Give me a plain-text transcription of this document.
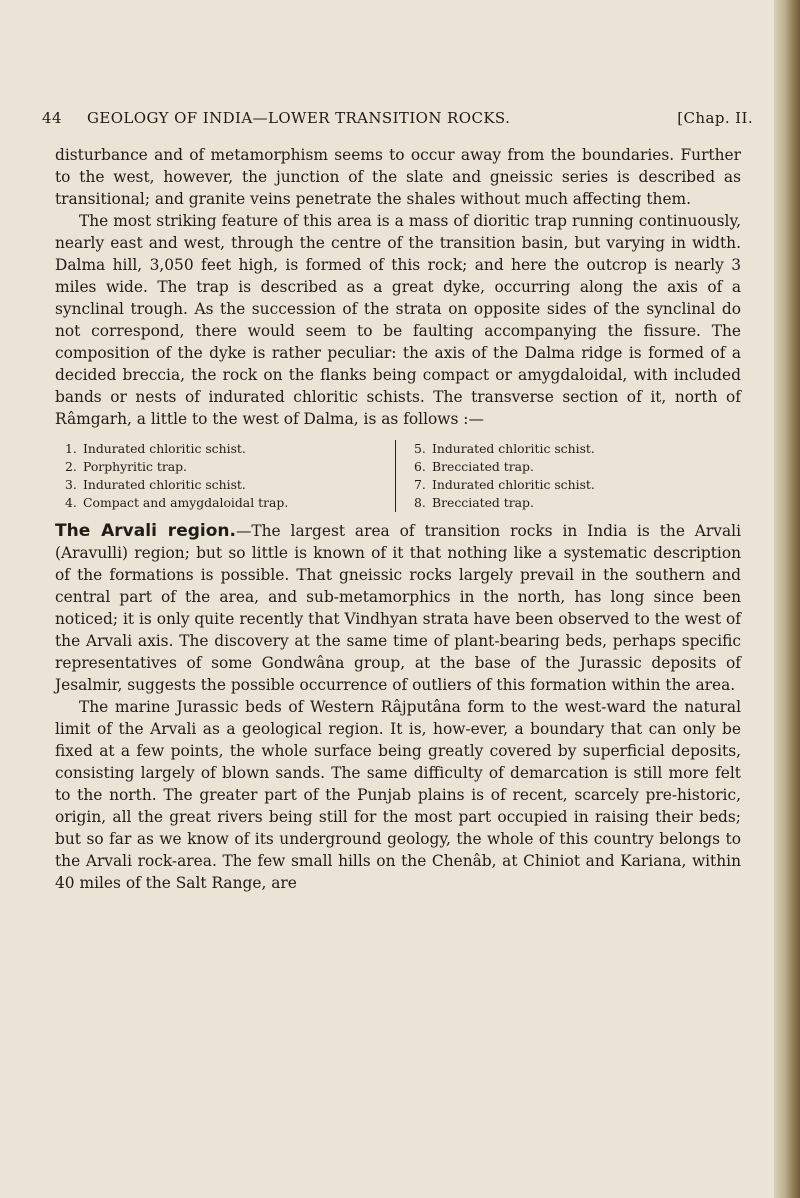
44 GEOLOGY OF INDIA—LOWER TRANSITION ROCKS.	[Chap. II.

disturbance and of metamorphism seems to occur away from the boundaries. Further to the west, however, the junction of the slate and gneissic series is described as transitional; and granite veins penetrate the shales without much affecting them.

The most striking feature of this area is a mass of dioritic trap running continuously, nearly east and west, through the centre of the transition basin, but varying in width. Dalma hill, 3,050 feet high, is formed of this rock; and here the outcrop is nearly 3 miles wide. The trap is described as a great dyke, occurring along the axis of a synclinal trough. As the succession of the strata on opposite sides of the synclinal do not correspond, there would seem to be faulting accompanying the fissure. The composition of the dyke is rather peculiar: the axis of the Dalma ridge is formed of a decided breccia, the rock on the flanks being compact or amygdaloidal, with included bands or nests of indurated chloritic schists. The transverse section of it, north of Râmgarh, a little to the west of Dalma, is as follows :—

1. Indurated chloritic schist.
2. Porphyritic trap.
3. Indurated chloritic schist.
4. Compact and amygdaloidal trap.
5. Indurated chloritic schist.
6. Brecciated trap.
7. Indurated chloritic schist.
8. Brecciated trap.

The Arvali region.—The largest area of transition rocks in India is the Arvali (Aravulli) region; but so little is known of it that nothing like a systematic description of the formations is possible. That gneissic rocks largely prevail in the southern and central part of the area, and sub-metamorphics in the north, has long since been noticed; it is only quite recently that Vindhyan strata have been observed to the west of the Arvali axis. The discovery at the same time of plant-bearing beds, perhaps specific representatives of some Gondwâna group, at the base of the Jurassic deposits of Jesalmir, suggests the possible occurrence of outliers of this formation within the area.

The marine Jurassic beds of Western Râjputâna form to the west-ward the natural limit of the Arvali as a geological region. It is, how-ever, a boundary that can only be fixed at a few points, the whole surface being greatly covered by superficial deposits, consisting largely of blown sands. The same difficulty of demarcation is still more felt to the north. The greater part of the Punjab plains is of recent, scarcely pre-historic, origin, all the great rivers being still for the most part occupied in raising their beds; but so far as we know of its underground geology, the whole of this country belongs to the Arvali rock-area. The few small hills on the Chenâb, at Chiniot and Kariana, within 40 miles of the Salt Range, are
